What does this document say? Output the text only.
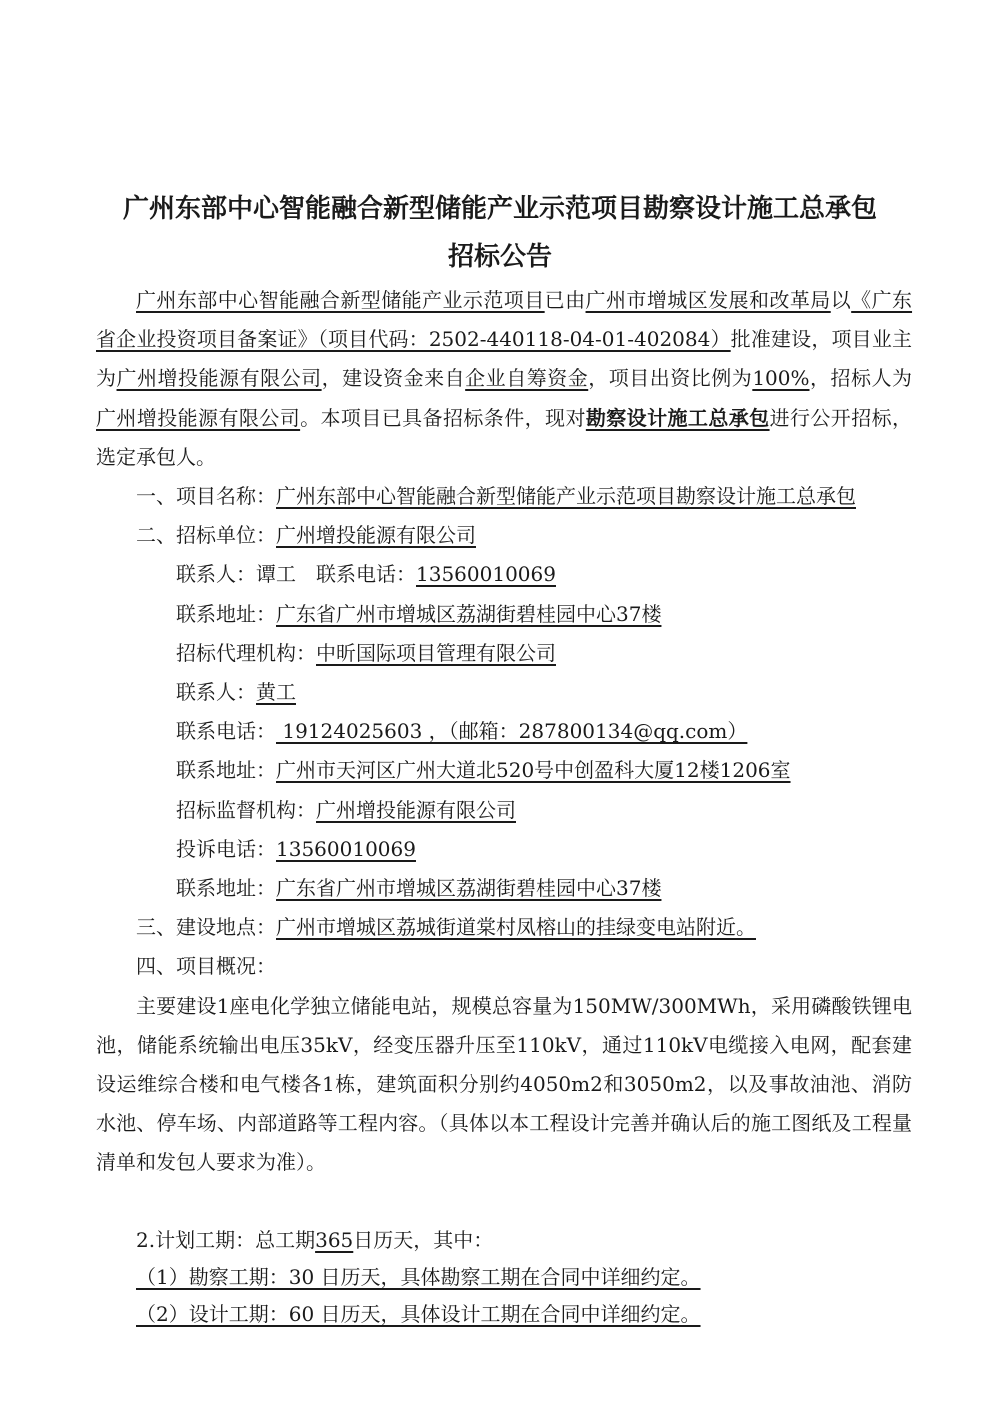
广州东部中心智能融合新型储能产业示范项目勘察设计施工总承包
招标公告
广州东部中心智能融合新型储能产业示范项目已由广州市增城区发展和改革局以《广东省企业投资项目备案证》（项目代码：2502-440118-04-01-402084）批准建设，项目业主为广州增投能源有限公司，建设资金来自企业自筹资金，项目出资比例为100%，招标人为广州增投能源有限公司。本项目已具备招标条件，现对勘察设计施工总承包进行公开招标，选定承包人。
一、项目名称：广州东部中心智能融合新型储能产业示范项目勘察设计施工总承包
二、招标单位：广州增投能源有限公司
联系人：谭工　联系电话：13560010069
联系地址：广东省广州市增城区荔湖街碧桂园中心37楼
招标代理机构：中昕国际项目管理有限公司
联系人：黄工
联系电话： 19124025603 ，（邮箱：287800134@qq.com）
联系地址：广州市天河区广州大道北520号中创盈科大厦12楼1206室
招标监督机构：广州增投能源有限公司
投诉电话：13560010069
联系地址：广东省广州市增城区荔湖街碧桂园中心37楼
三、建设地点：广州市增城区荔城街道棠村凤榕山的挂绿变电站附近。
四、项目概况：
主要建设1座电化学独立储能电站，规模总容量为150MW/300MWh，采用磷酸铁锂电池，储能系统输出电压35kV，经变压器升压至110kV，通过110kV电缆接入电网，配套建设运维综合楼和电气楼各1栋，建筑面积分别约4050m2和3050m2，以及事故油池、消防水池、停车场、内部道路等工程内容。（具体以本工程设计完善并确认后的施工图纸及工程量清单和发包人要求为准）。
2.计划工期：总工期365日历天，其中：
（1）勘察工期：30 日历天，具体勘察工期在合同中详细约定。
（2）设计工期：60 日历天，具体设计工期在合同中详细约定。
